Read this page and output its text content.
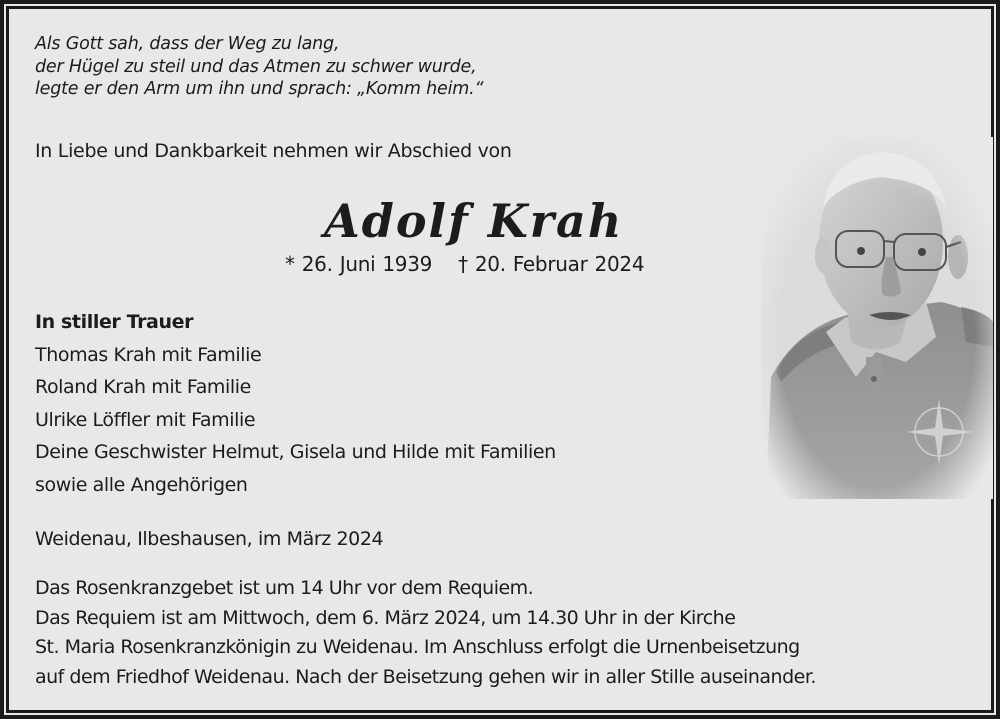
Als Gott sah, dass der Weg zu lang,
der Hügel zu steil und das Atmen zu schwer wurde,
legte er den Arm um ihn und sprach: „Komm heim.“
In Liebe und Dankbarkeit nehmen wir Abschied von
Adolf Krah
* 26. Juni 1939 † 20. Februar 2024
In stiller Trauer
Thomas Krah mit Familie
Roland Krah mit Familie
Ulrike Löffler mit Familie
Deine Geschwister Helmut, Gisela und Hilde mit Familien
sowie alle Angehörigen
Weidenau, Ilbeshausen, im März 2024
Das Rosenkranzgebet ist um 14 Uhr vor dem Requiem.
Das Requiem ist am Mittwoch, dem 6. März 2024, um 14.30 Uhr in der Kirche
St. Maria Rosenkranzkönigin zu Weidenau. Im Anschluss erfolgt die Urnenbeisetzung
auf dem Friedhof Weidenau. Nach der Beisetzung gehen wir in aller Stille auseinander.
